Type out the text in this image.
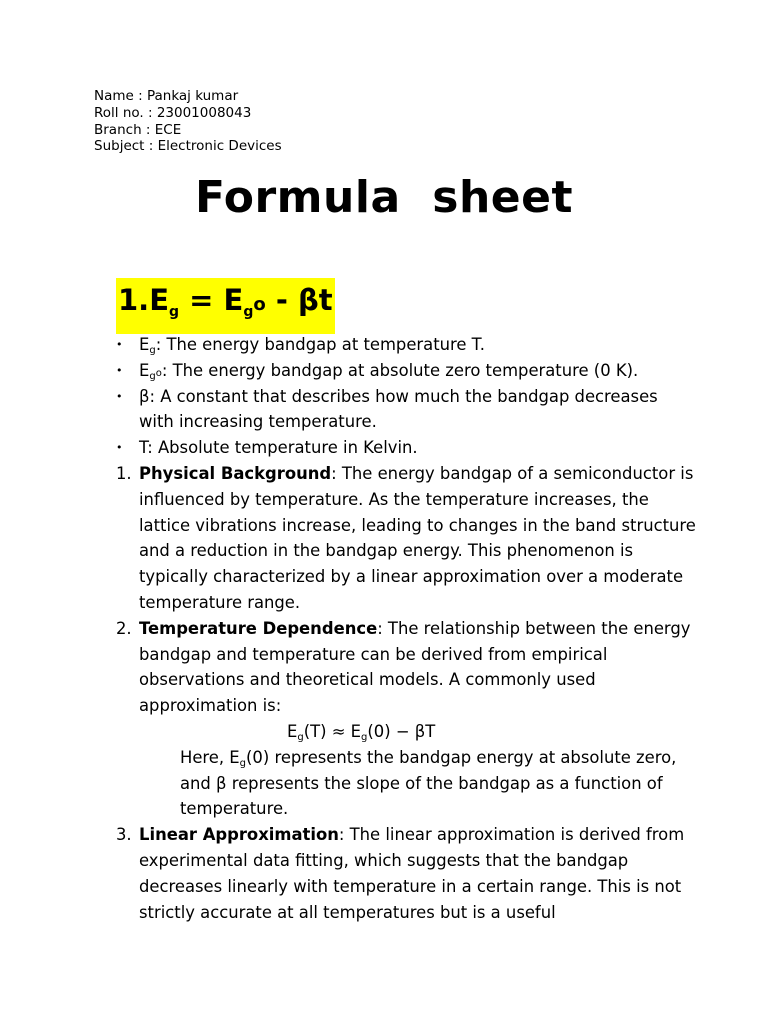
Name : Pankaj kumar
Roll no. : 23001008043
Branch : ECE
Subject : Electronic Devices
Formula  sheet
$1.E_g = E_go - \beta t$
• $E_g$: The energy bandgap at temperature T.
• $E_go$: The energy bandgap at absolute zero temperature (0 K).
• β: A constant that describes how much the bandgap decreases with increasing temperature.
• T: Absolute temperature in Kelvin.
1. Physical Background: The energy bandgap of a semiconductor is influenced by temperature. As the temperature increases, the lattice vibrations increase, leading to changes in the band structure and a reduction in the bandgap energy. This phenomenon is typically characterized by a linear approximation over a moderate temperature range.
2. Temperature Dependence: The relationship between the energy bandgap and temperature can be derived from empirical observations and theoretical models. A commonly used approximation is:
$E_g(T) \approx E_g(0) - \beta T$
Here, $E_g(0)$ represents the bandgap energy at absolute zero, and β represents the slope of the bandgap as a function of temperature.
3. Linear Approximation: The linear approximation is derived from experimental data fitting, which suggests that the bandgap decreases linearly with temperature in a certain range. This is not strictly accurate at all temperatures but is a useful
